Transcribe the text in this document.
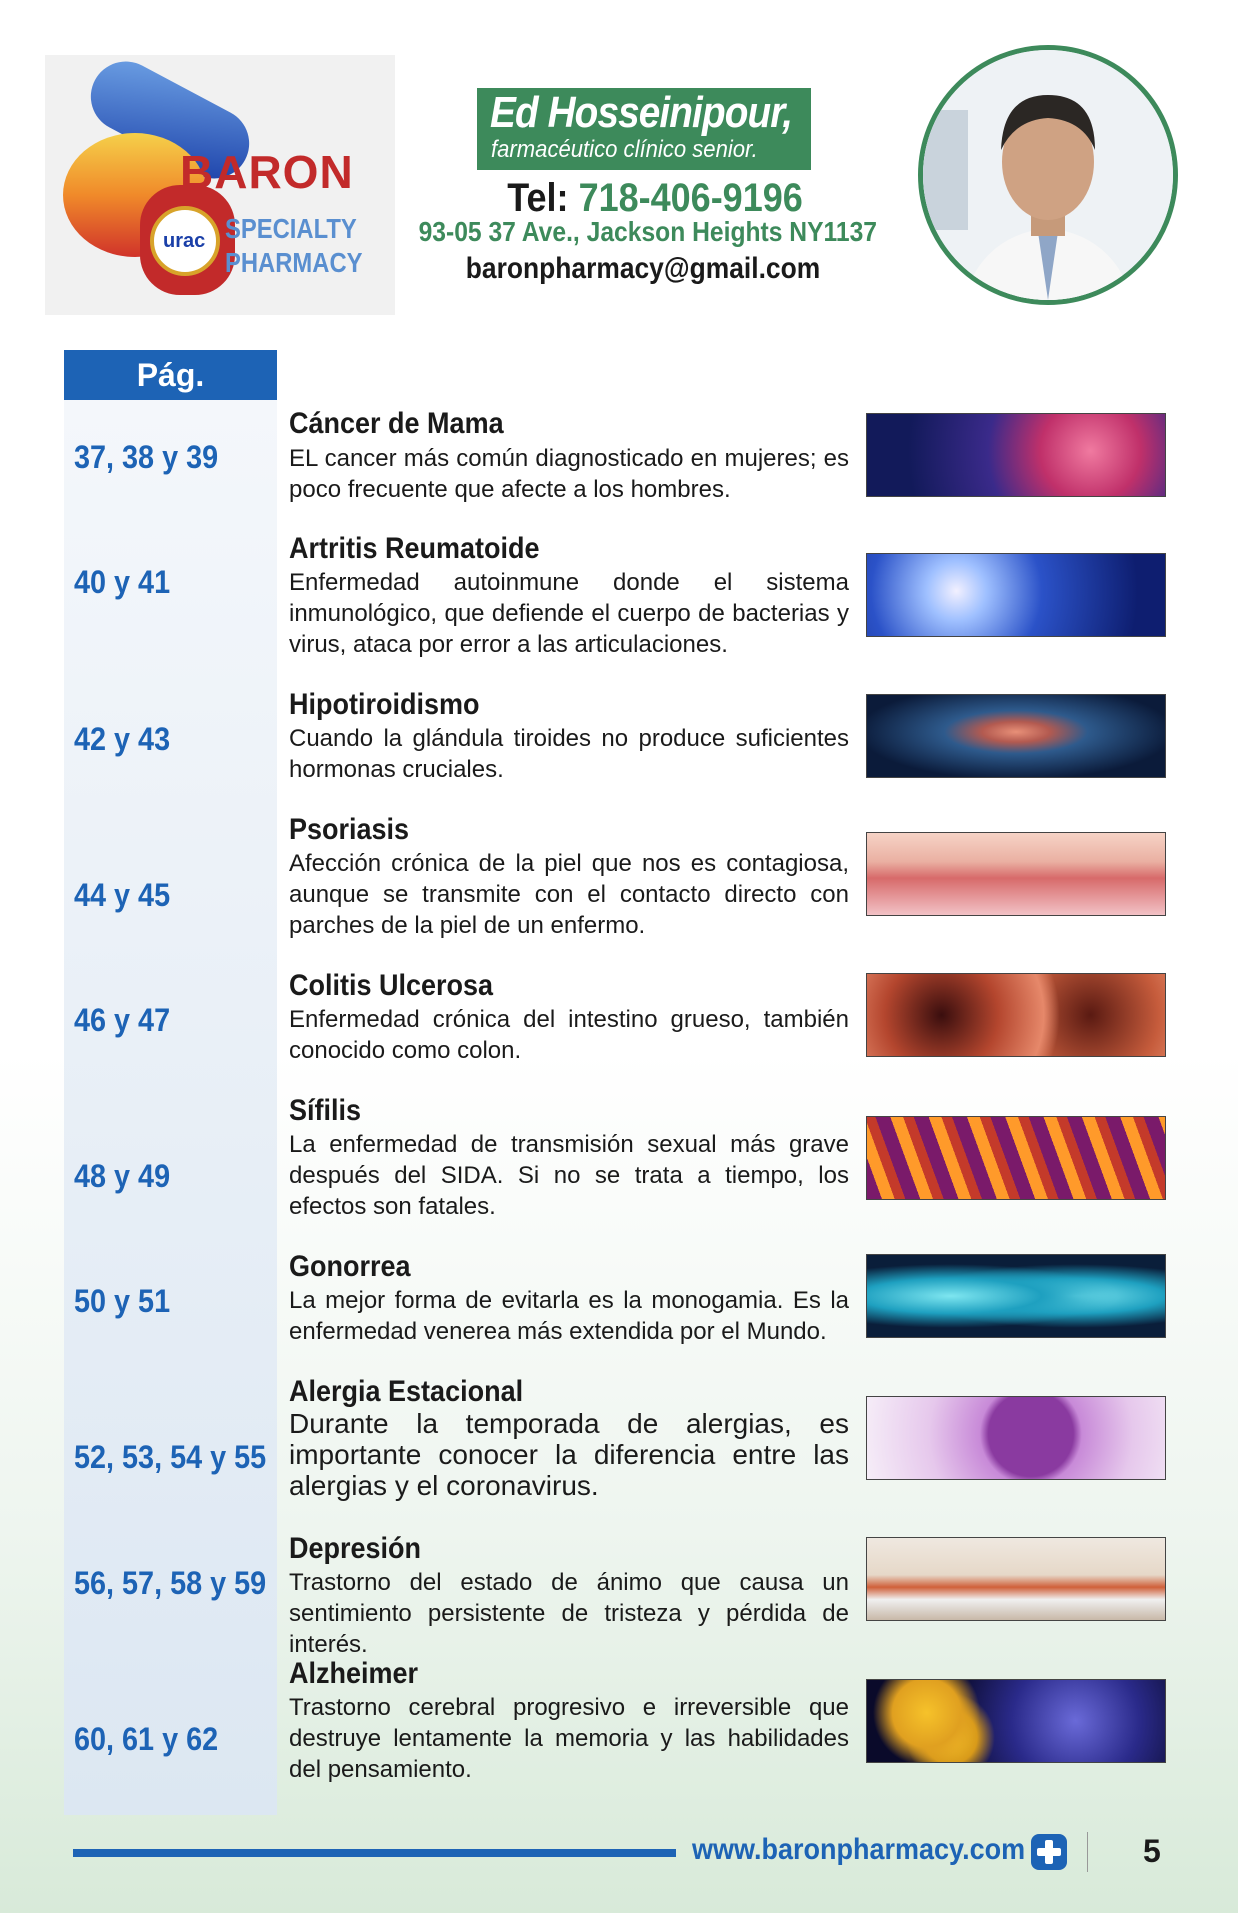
BARON
SPECIALTY
PHARMACY
urac
Ed Hosseinipour,
farmacéutico clínico senior.
Tel: 718-406-9196
93-05 37 Ave., Jackson Heights NY1137
baronpharmacy@gmail.com
Pág.
37, 38 y 39
Cáncer de Mama
EL cancer más común diagnosticado en mujeres; es poco frecuente que afecte a los hombres.
40 y 41
Artritis Reumatoide
Enfermedad autoinmune donde el sistema inmunológico, que defiende el cuerpo de bacterias y virus, ataca por error a las articulaciones.
42 y 43
Hipotiroidismo
Cuando la glándula tiroides no produce suficientes hormonas cruciales.
44 y 45
Psoriasis
Afección crónica de la piel que nos es contagiosa, aunque se transmite con el contacto directo con parches de la piel de un enfermo.
46 y 47
Colitis Ulcerosa
Enfermedad crónica del intestino grueso, también conocido como colon.
48 y 49
Sífilis
La enfermedad de transmisión sexual más grave después del SIDA. Si no se trata a tiempo, los efectos son fatales.
50 y 51
Gonorrea
La mejor forma de evitarla es la monogamia. Es la enfermedad venerea más extendida por el Mundo.
52, 53, 54 y 55
Alergia Estacional
Durante la temporada de alergias, es importante conocer la diferencia entre las alergias y el coronavirus.
56, 57, 58 y 59
Depresión
Trastorno del estado de ánimo que causa un sentimiento persistente de tristeza y pérdida de interés.
60, 61 y 62
Alzheimer
Trastorno cerebral progresivo e irreversible que destruye lentamente la memoria y las habilidades del pensamiento.
www.baronpharmacy.com	5
